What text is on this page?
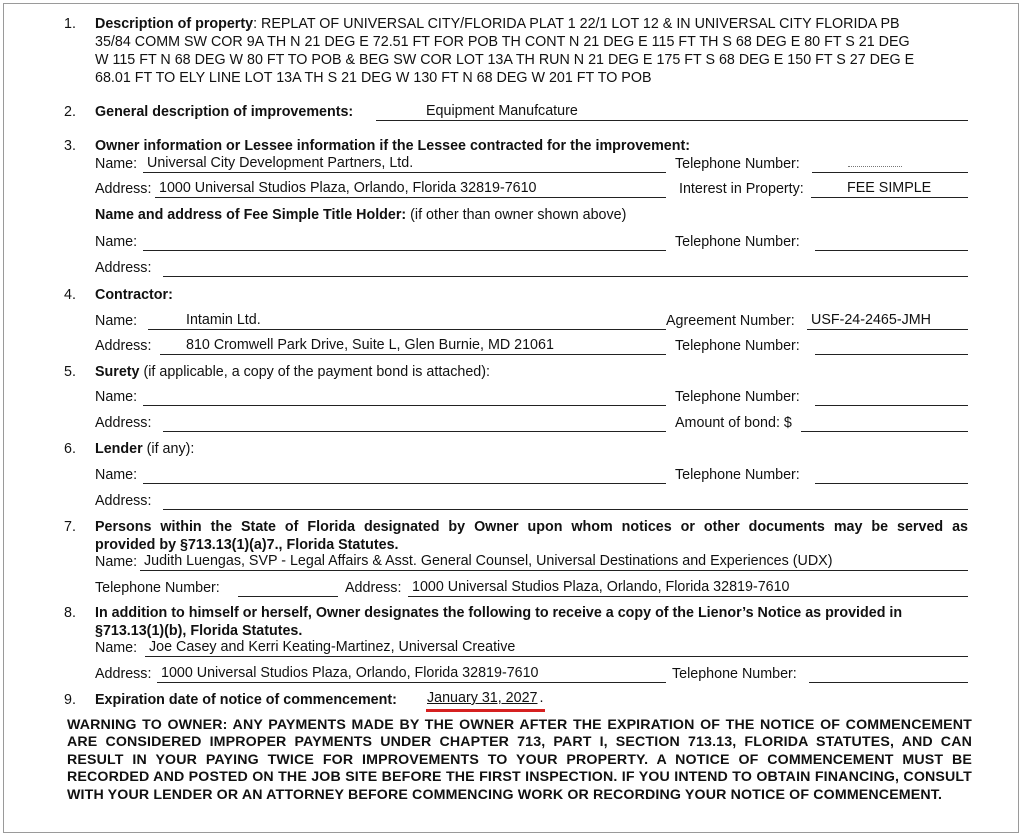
1. Description of property: REPLAT OF UNIVERSAL CITY/FLORIDA PLAT 1 22/1 LOT 12 & IN UNIVERSAL CITY FLORIDA PB
35/84 COMM SW COR 9A TH N 21 DEG E 72.51 FT FOR POB TH CONT N 21 DEG E 115 FT TH S 68 DEG E 80 FT S 21 DEG
W 115 FT N 68 DEG W 80 FT TO POB & BEG SW COR LOT 13A TH RUN N 21 DEG E 175 FT S 68 DEG E 150 FT S 27 DEG E
68.01 FT TO ELY LINE LOT 13A TH S 21 DEG W 130 FT N 68 DEG W 201 FT TO POB
2. General description of improvements:	Equipment Manufcature
3. Owner information or Lessee information if the Lessee contracted for the improvement:
Name: Universal City Development Partners, Ltd.	Telephone Number:
Address: 1000 Universal Studios Plaza, Orlando, Florida 32819-7610	Interest in Property:	FEE SIMPLE
Name and address of Fee Simple Title Holder: (if other than owner shown above)
Name:	Telephone Number:
Address:
4. Contractor:
Name:	Intamin Ltd.	Agreement Number: USF-24-2465-JMH
Address:	810 Cromwell Park Drive, Suite L, Glen Burnie, MD 21061	Telephone Number:
5. Surety (if applicable, a copy of the payment bond is attached):
Name:	Telephone Number:
Address:	Amount of bond: $
6. Lender (if any):
Name:	Telephone Number:
Address:
7. Persons within the State of Florida designated by Owner upon whom notices or other documents may be served as
provided by §713.13(1)(a)7., Florida Statutes.
Name: Judith Luengas, SVP - Legal Affairs & Asst. General Counsel, Universal Destinations and Experiences (UDX)
Telephone Number:	Address: 1000 Universal Studios Plaza, Orlando, Florida 32819-7610
8. In addition to himself or herself, Owner designates the following to receive a copy of the Lienor’s Notice as provided in
§713.13(1)(b), Florida Statutes.
Name: Joe Casey and Kerri Keating-Martinez, Universal Creative
Address: 1000 Universal Studios Plaza, Orlando, Florida 32819-7610	Telephone Number:
9. Expiration date of notice of commencement:	January 31, 2027 .
WARNING TO OWNER: ANY PAYMENTS MADE BY THE OWNER AFTER THE EXPIRATION OF THE NOTICE OF COMMENCEMENT ARE CONSIDERED IMPROPER PAYMENTS UNDER CHAPTER 713, PART I, SECTION 713.13, FLORIDA STATUTES, AND CAN RESULT IN YOUR PAYING TWICE FOR IMPROVEMENTS TO YOUR PROPERTY. A NOTICE OF COMMENCEMENT MUST BE RECORDED AND POSTED ON THE JOB SITE BEFORE THE FIRST INSPECTION. IF YOU INTEND TO OBTAIN FINANCING, CONSULT WITH YOUR LENDER OR AN ATTORNEY BEFORE COMMENCING WORK OR RECORDING YOUR NOTICE OF COMMENCEMENT.
